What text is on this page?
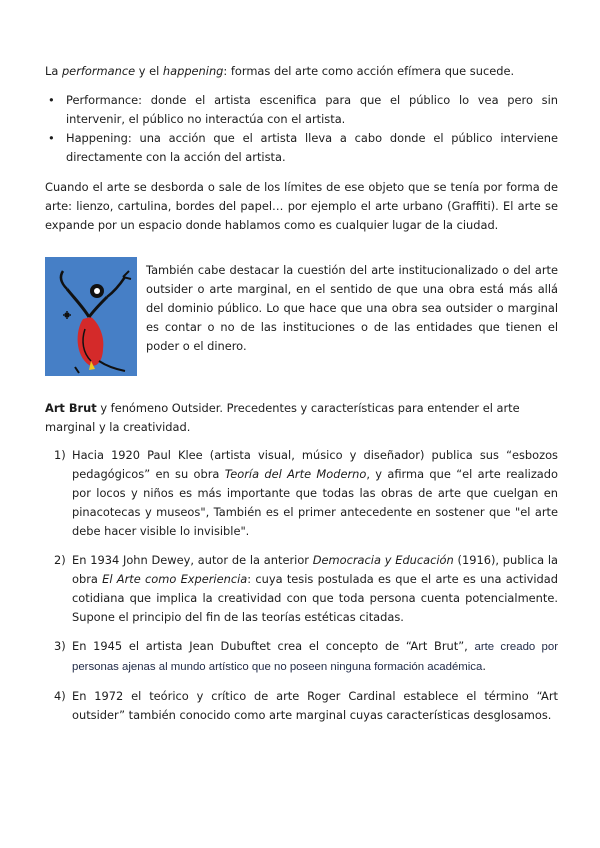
La performance y el happening: formas del arte como acción efímera que sucede.

• Performance: donde el artista escenifica para que el público lo vea pero sin intervenir, el público no interactúa con el artista.
• Happening: una acción que el artista lleva a cabo donde el público interviene directamente con la acción del artista.

Cuando el arte se desborda o sale de los límites de ese objeto que se tenía por forma de arte: lienzo, cartulina, bordes del papel… por ejemplo el arte urbano (Graffiti). El arte se expande por un espacio donde hablamos como es cualquier lugar de la ciudad.

También cabe destacar la cuestión del arte institucionalizado o del arte outsider o arte marginal, en el sentido de que una obra está más allá del dominio público. Lo que hace que una obra sea outsider o marginal es contar o no de las instituciones o de las entidades que tienen el poder o el dinero.

Art Brut y fenómeno Outsider. Precedentes y características para entender el arte marginal y la creatividad.

1) Hacia 1920 Paul Klee (artista visual, músico y diseñador) publica sus “esbozos pedagógicos” en su obra Teoría del Arte Moderno, y afirma que “el arte realizado por locos y niños es más importante que todas las obras de arte que cuelgan en pinacotecas y museos", También es el primer antecedente en sostener que "el arte debe hacer visible lo invisible".
2) En 1934 John Dewey, autor de la anterior Democracia y Educación (1916), publica la obra El Arte como Experiencia: cuya tesis postulada es que el arte es una actividad cotidiana que implica la creatividad con que toda persona cuenta potencialmente. Supone el principio del fin de las teorías estéticas citadas.
3) En 1945 el artista Jean Dubuftet crea el concepto de “Art Brut”, arte creado por personas ajenas al mundo artístico que no poseen ninguna formación académica.
4) En 1972 el teórico y crítico de arte Roger Cardinal establece el término “Art outsider” también conocido como arte marginal cuyas características desglosamos.
